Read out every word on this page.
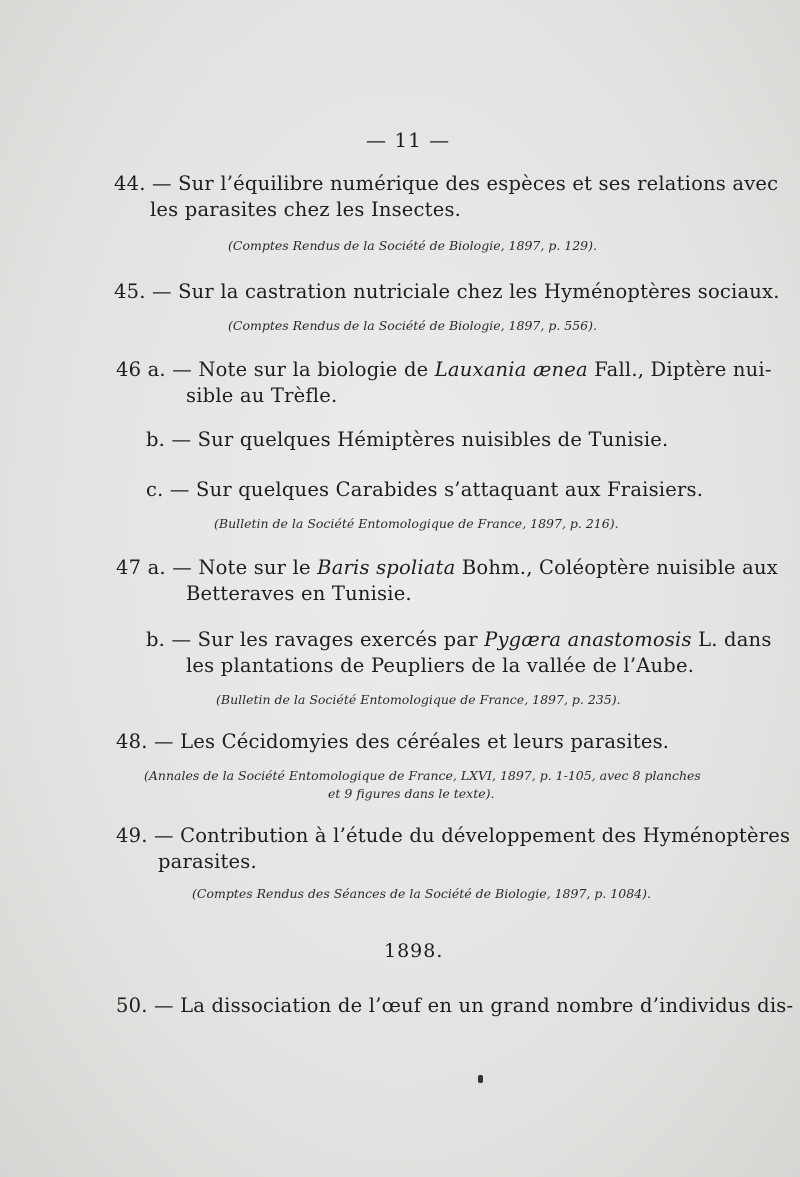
— 11 —
44. — Sur l’équilibre numérique des espèces et ses relations avec
les parasites chez les Insectes.
(Comptes Rendus de la Société de Biologie, 1897, p. 129).
45. — Sur la castration nutriciale chez les Hyménoptères sociaux.
(Comptes Rendus de la Société de Biologie, 1897, p. 556).
46 a. — Note sur la biologie de Lauxania ænea Fall., Diptère nui-
sible au Trèfle.
b. — Sur quelques Hémiptères nuisibles de Tunisie.
c. — Sur quelques Carabides s’attaquant aux Fraisiers.
(Bulletin de la Société Entomologique de France, 1897, p. 216).
47 a. — Note sur le Baris spoliata Bohm., Coléoptère nuisible aux
Betteraves en Tunisie.
b. — Sur les ravages exercés par Pygæra anastomosis L. dans
les plantations de Peupliers de la vallée de l’Aube.
(Bulletin de la Société Entomologique de France, 1897, p. 235).
48. — Les Cécidomyies des céréales et leurs parasites.
(Annales de la Société Entomologique de France, LXVI, 1897, p. 1-105, avec 8 planches
et 9 figures dans le texte).
49. — Contribution à l’étude du développement des Hyménoptères
parasites.
(Comptes Rendus des Séances de la Société de Biologie, 1897, p. 1084).
1898.
50. — La dissociation de l’œuf en un grand nombre d’individus dis-
